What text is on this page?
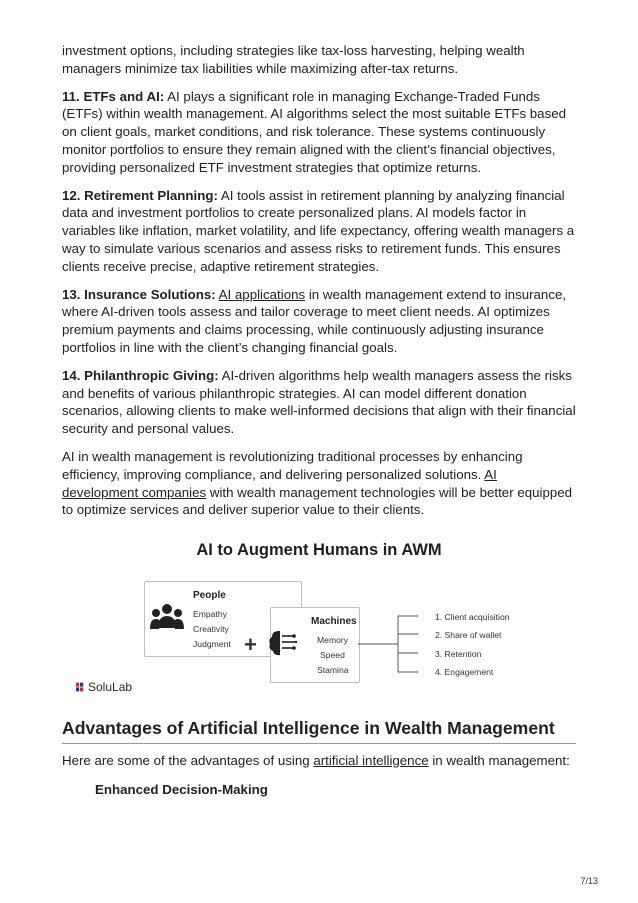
investment options, including strategies like tax-loss harvesting, helping wealth managers minimize tax liabilities while maximizing after-tax returns.

11. ETFs and AI: AI plays a significant role in managing Exchange-Traded Funds (ETFs) within wealth management. AI algorithms select the most suitable ETFs based on client goals, market conditions, and risk tolerance. These systems continuously monitor portfolios to ensure they remain aligned with the client’s financial objectives, providing personalized ETF investment strategies that optimize returns.

12. Retirement Planning: AI tools assist in retirement planning by analyzing financial data and investment portfolios to create personalized plans. AI models factor in variables like inflation, market volatility, and life expectancy, offering wealth managers a way to simulate various scenarios and assess risks to retirement funds. This ensures clients receive precise, adaptive retirement strategies.

13. Insurance Solutions: AI applications in wealth management extend to insurance, where AI-driven tools assess and tailor coverage to meet client needs. AI optimizes premium payments and claims processing, while continuously adjusting insurance portfolios in line with the client’s changing financial goals.

14. Philanthropic Giving: AI-driven algorithms help wealth managers assess the risks and benefits of various philanthropic strategies. AI can model different donation scenarios, allowing clients to make well-informed decisions that align with their financial security and personal values.

AI in wealth management is revolutionizing traditional processes by enhancing efficiency, improving compliance, and delivering personalized solutions. AI development companies with wealth management technologies will be better equipped to optimize services and deliver superior value to their clients.

AI to Augment Humans in AWM
People
Empathy
Creativity
Judgment +
Machines
Memory
Speed
Stamina
1. Client acquisition
2. Share of wallet
3. Retention
4. Engagement
SoluLab
Advantages of Artificial Intelligence in Wealth Management

Here are some of the advantages of using artificial intelligence in wealth management:

Enhanced Decision-Making
7/13
